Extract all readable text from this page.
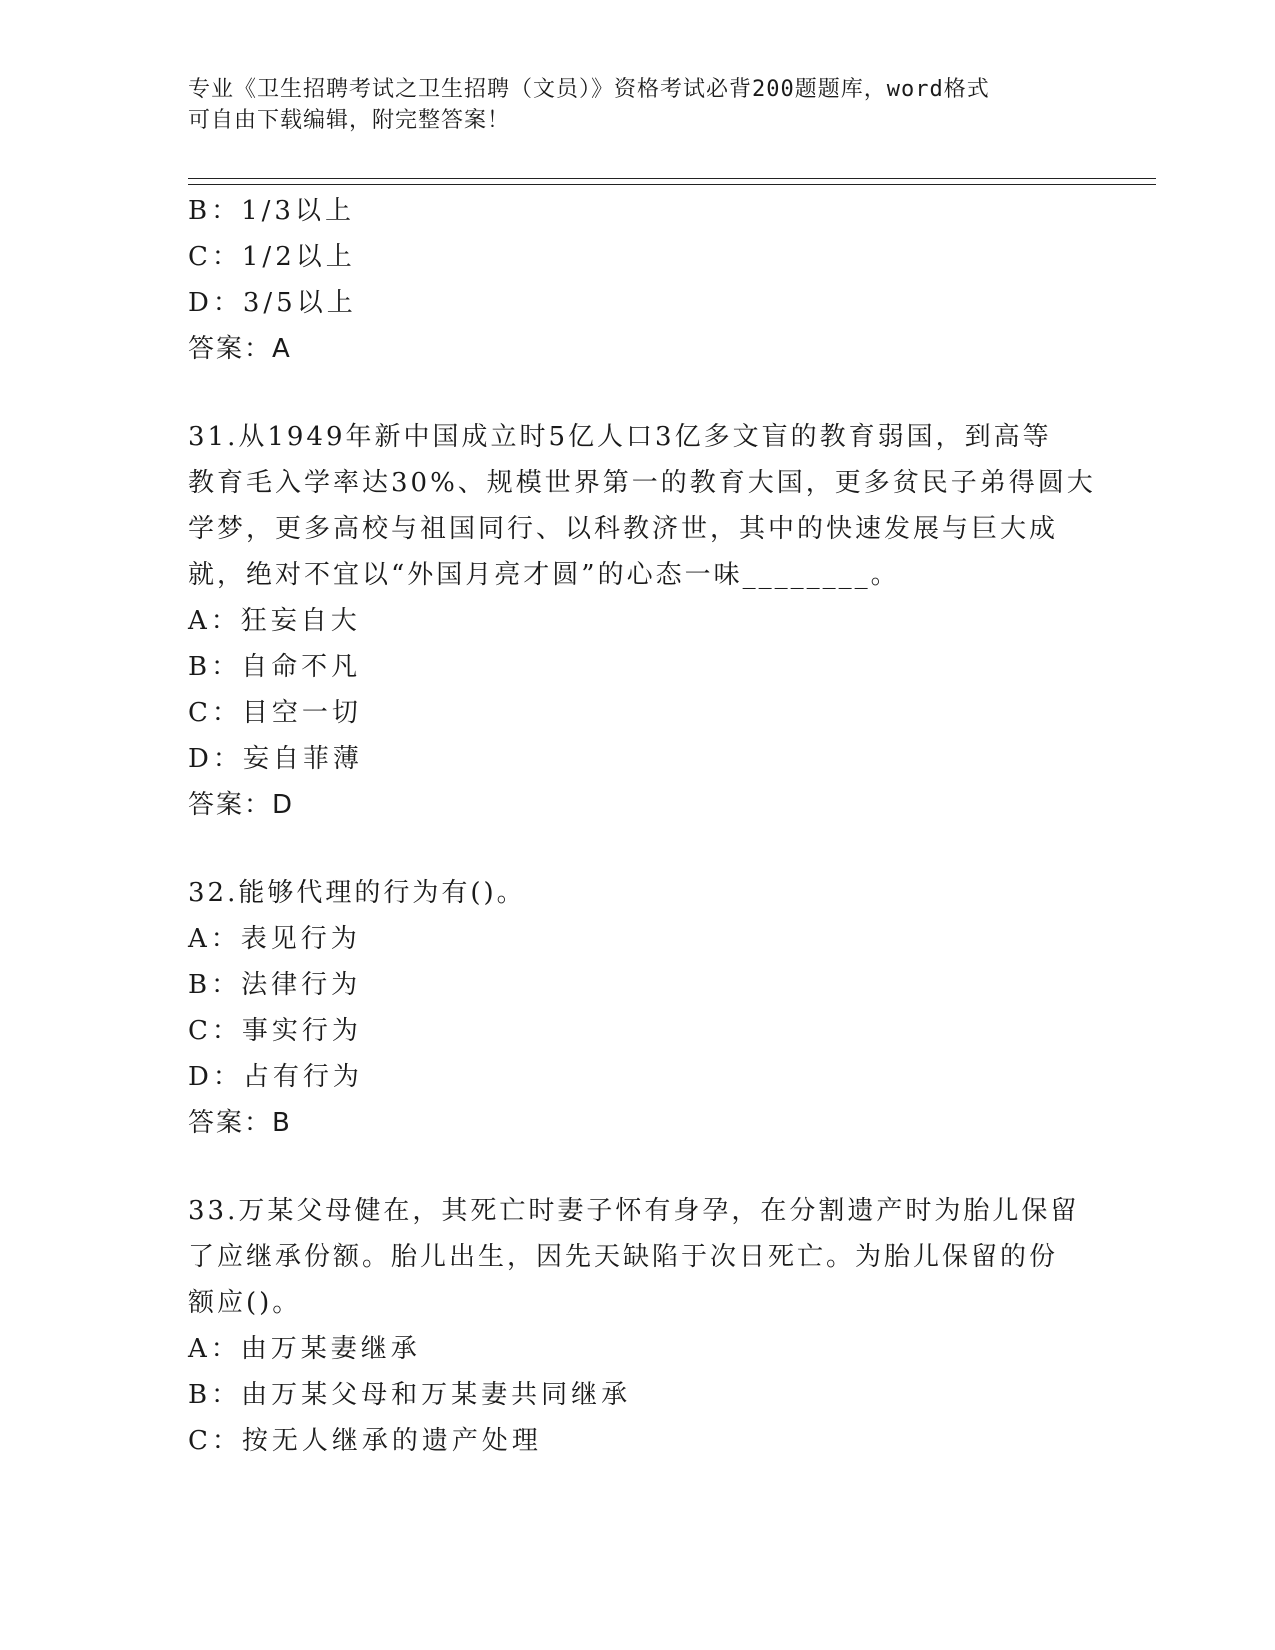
专业《卫生招聘考试之卫生招聘（文员）》资格考试必背200题题库，word格式
可自由下载编辑，附完整答案！
B：1/3以上
C：1/2以上
D：3/5以上
答案：A
31.从1949年新中国成立时5亿人口3亿多文盲的教育弱国，到高等
教育毛入学率达30%、规模世界第一的教育大国，更多贫民子弟得圆大
学梦，更多高校与祖国同行、以科教济世，其中的快速发展与巨大成
就，绝对不宜以“外国月亮才圆”的心态一味________。
A：狂妄自大
B：自命不凡
C：目空一切
D：妄自菲薄
答案：D
32.能够代理的行为有()。
A：表见行为
B：法律行为
C：事实行为
D：占有行为
答案：B
33.万某父母健在，其死亡时妻子怀有身孕，在分割遗产时为胎儿保留
了应继承份额。胎儿出生，因先天缺陷于次日死亡。为胎儿保留的份
额应()。
A：由万某妻继承
B：由万某父母和万某妻共同继承
C：按无人继承的遗产处理
